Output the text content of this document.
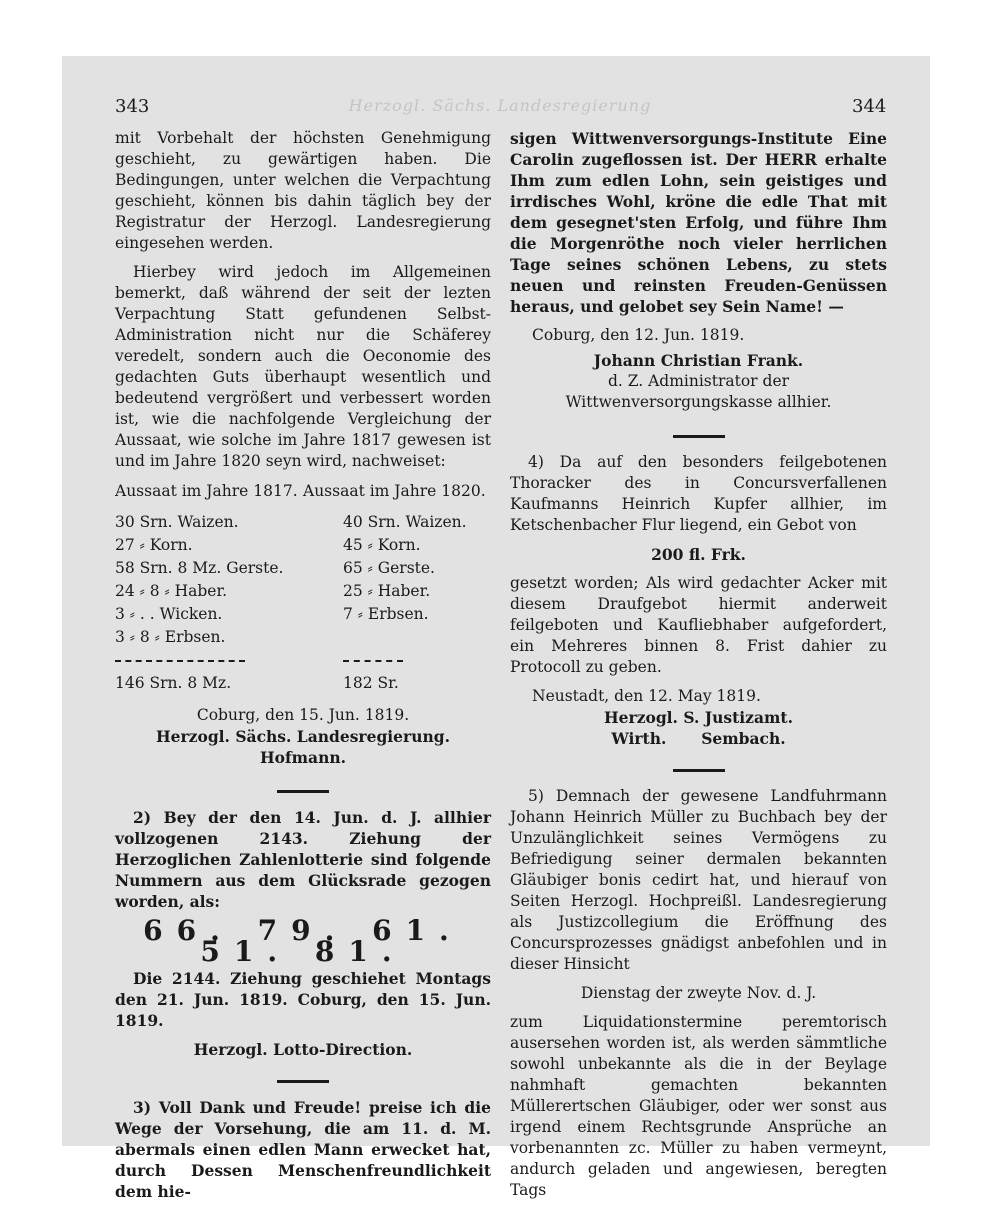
343	Herzogl. Sächs. Landesregierung	344

mit Vorbehalt der höchsten Genehmigung geschieht, zu gewärtigen haben. Die Bedingungen, unter welchen die Verpachtung geschieht, können bis dahin täglich bey der Registratur der Herzogl. Landesregierung eingesehen werden.

Hierbey wird jedoch im Allgemeinen bemerkt, daß während der seit der lezten Verpachtung Statt gefundenen Selbst-Administration nicht nur die Schäferey veredelt, sondern auch die Oeconomie des gedachten Guts überhaupt wesentlich und bedeutend vergrößert und verbessert worden ist, wie die nachfolgende Vergleichung der Aussaat, wie solche im Jahre 1817 gewesen ist und im Jahre 1820 seyn wird, nachweiset:

Aussaat im Jahre 1817.	Aussaat im Jahre 1820.

30 Srn. Waizen.	40 Srn. Waizen.
27 ⸗ Korn.	45 ⸗ Korn.
58 Srn. 8 Mz. Gerste.	65 ⸗ Gerste.
24 ⸗ 8 ⸗ Haber.	25 ⸗ Haber.
3 ⸗ . . Wicken.	7 ⸗ Erbsen.
3 ⸗ 8 ⸗ Erbsen.	

146 Srn. 8 Mz.	182 Sr.
Coburg, den 15. Jun. 1819.
Herzogl. Sächs. Landesregierung.
Hofmann.

2) Bey der den 14. Jun. d. J. allhier vollzogenen 2143. Ziehung der Herzoglichen Zahlenlotterie sind folgende Nummern aus dem Glücksrade gezogen worden, als:

66. 79. 61. 51. 81.

Die 2144. Ziehung geschiehet Montags den 21. Jun. 1819. Coburg, den 15. Jun. 1819.

Herzogl. Lotto-Direction.

3) Voll Dank und Freude! preise ich die Wege der Vorsehung, die am 11. d. M. abermals einen edlen Mann erwecket hat, durch Dessen Menschenfreundlichkeit dem hie-

sigen Wittwenversorgungs-Institute Eine Carolin zugeflossen ist. Der HERR erhalte Ihm zum edlen Lohn, sein geistiges und irrdisches Wohl, kröne die edle That mit dem gesegnet'sten Erfolg, und führe Ihm die Morgenröthe noch vieler herrlichen Tage seines schönen Lebens, zu stets neuen und reinsten Freuden-Genüssen heraus, und gelobet sey Sein Name! —

Coburg, den 12. Jun. 1819.
Johann Christian Frank.
d. Z. Administrator der Wittwenversorgungskasse allhier.

4) Da auf den besonders feilgebotenen Thoracker des in Concursverfallenen Kaufmanns Heinrich Kupfer allhier, im Ketschenbacher Flur liegend, ein Gebot von

200 fl. Frk.

gesetzt worden; Als wird gedachter Acker mit diesem Draufgebot hiermit anderweit feilgeboten und Kaufliebhaber aufgefordert, ein Mehreres binnen 8. Frist dahier zu Protocoll zu geben.

Neustadt, den 12. May 1819.
Herzogl. S. Justizamt.
Wirth. Sembach.

5) Demnach der gewesene Landfuhrmann Johann Heinrich Müller zu Buchbach bey der Unzulänglichkeit seines Vermögens zu Befriedigung seiner dermalen bekannten Gläubiger bonis cedirt hat, und hierauf von Seiten Herzogl. Hochpreißl. Landesregierung als Justizcollegium die Eröffnung des Concursprozesses gnädigst anbefohlen und in dieser Hinsicht

Dienstag der zweyte Nov. d. J.

zum Liquidationstermine peremtorisch ausersehen worden ist, als werden sämmtliche sowohl unbekannte als die in der Beylage nahmhaft gemachten bekannten Müllerertschen Gläubiger, oder wer sonst aus irgend einem Rechtsgrunde Ansprüche an vorbenannten zc. Müller zu haben vermeynt, andurch geladen und angewiesen, beregten Tags
